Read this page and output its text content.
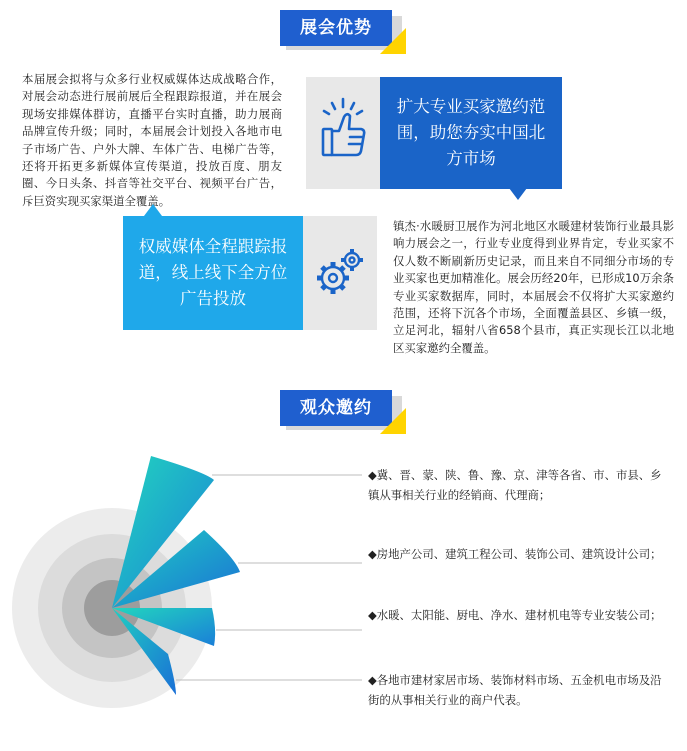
展会优势
本届展会拟将与众多行业权威媒体达成战略合作，对展会动态进行展前展后全程跟踪报道，并在展会现场安排媒体群访，直播平台实时直播，助力展商品牌宣传升级；同时，本届展会计划投入各地市电子市场广告、户外大牌、车体广告、电梯广告等，还将开拓更多新媒体宣传渠道，投放百度、朋友圈、今日头条、抖音等社交平台、视频平台广告，斥巨资实现买家渠道全覆盖。
扩大专业买家邀约范围，助您夯实中国北方市场
权威媒体全程跟踪报道，线上线下全方位广告投放
镇杰·水暖厨卫展作为河北地区水暖建材装饰行业最具影响力展会之一，行业专业度得到业界肯定，专业买家不仅人数不断刷新历史记录，而且来自不同细分市场的专业买家也更加精准化。展会历经20年，已形成10万余条专业买家数据库，同时，本届展会不仅将扩大买家邀约范围，还将下沉各个市场，全面覆盖县区、乡镇一级，立足河北，辐射八省658个县市，真正实现长江以北地区买家邀约全覆盖。
观众邀约
◆冀、晋、蒙、陕、鲁、豫、京、津等各省、市、市县、乡镇从事相关行业的经销商、代理商；
◆房地产公司、建筑工程公司、装饰公司、建筑设计公司；
◆水暖、太阳能、厨电、净水、建材机电等专业安装公司；
◆各地市建材家居市场、装饰材料市场、五金机电市场及沿街的从事相关行业的商户代表。
